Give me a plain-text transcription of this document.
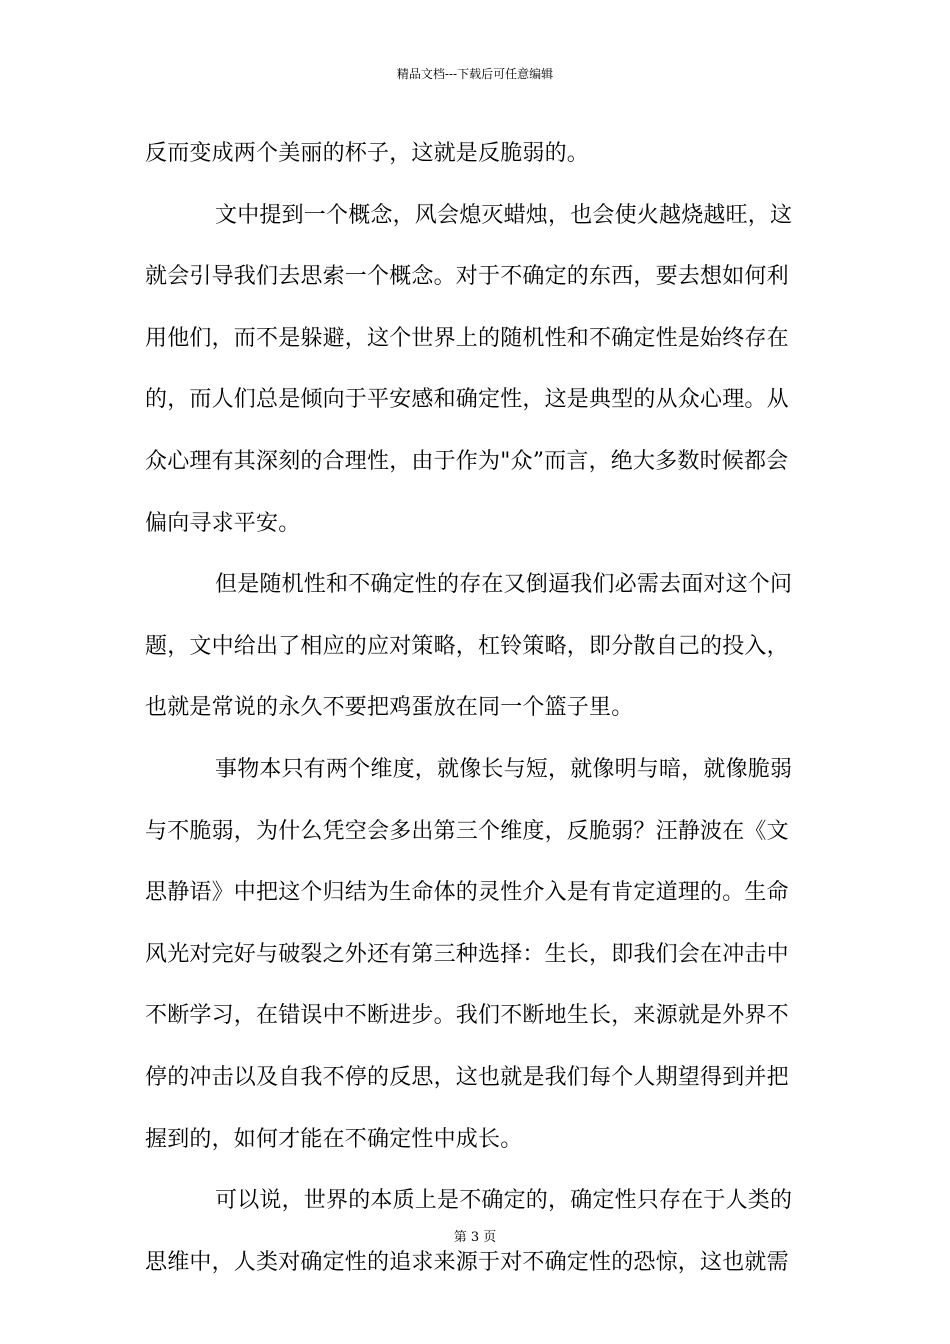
精品文档---下载后可任意编辑
反而变成两个美丽的杯子，这就是反脆弱的。
文中提到一个概念，风会熄灭蜡烛，也会使火越烧越旺，这
就会引导我们去思索一个概念。对于不确定的东西，要去想如何利
用他们，而不是躲避，这个世界上的随机性和不确定性是始终存在
的，而人们总是倾向于平安感和确定性，这是典型的从众心理。从
众心理有其深刻的合理性，由于作为"众”而言，绝大多数时候都会
偏向寻求平安。
但是随机性和不确定性的存在又倒逼我们必需去面对这个问
题，文中给出了相应的应对策略，杠铃策略，即分散自己的投入，
也就是常说的永久不要把鸡蛋放在同一个篮子里。
事物本只有两个维度，就像长与短，就像明与暗，就像脆弱
与不脆弱，为什么凭空会多出第三个维度，反脆弱？汪静波在《文
思静语》中把这个归结为生命体的灵性介入是有肯定道理的。生命
风光对完好与破裂之外还有第三种选择：生长，即我们会在冲击中
不断学习，在错误中不断进步。我们不断地生长，来源就是外界不
停的冲击以及自我不停的反思，这也就是我们每个人期望得到并把
握到的，如何才能在不确定性中成长。
可以说，世界的本质上是不确定的，确定性只存在于人类的
思维中，人类对确定性的追求来源于对不确定性的恐惊，这也就需
第 3 页
